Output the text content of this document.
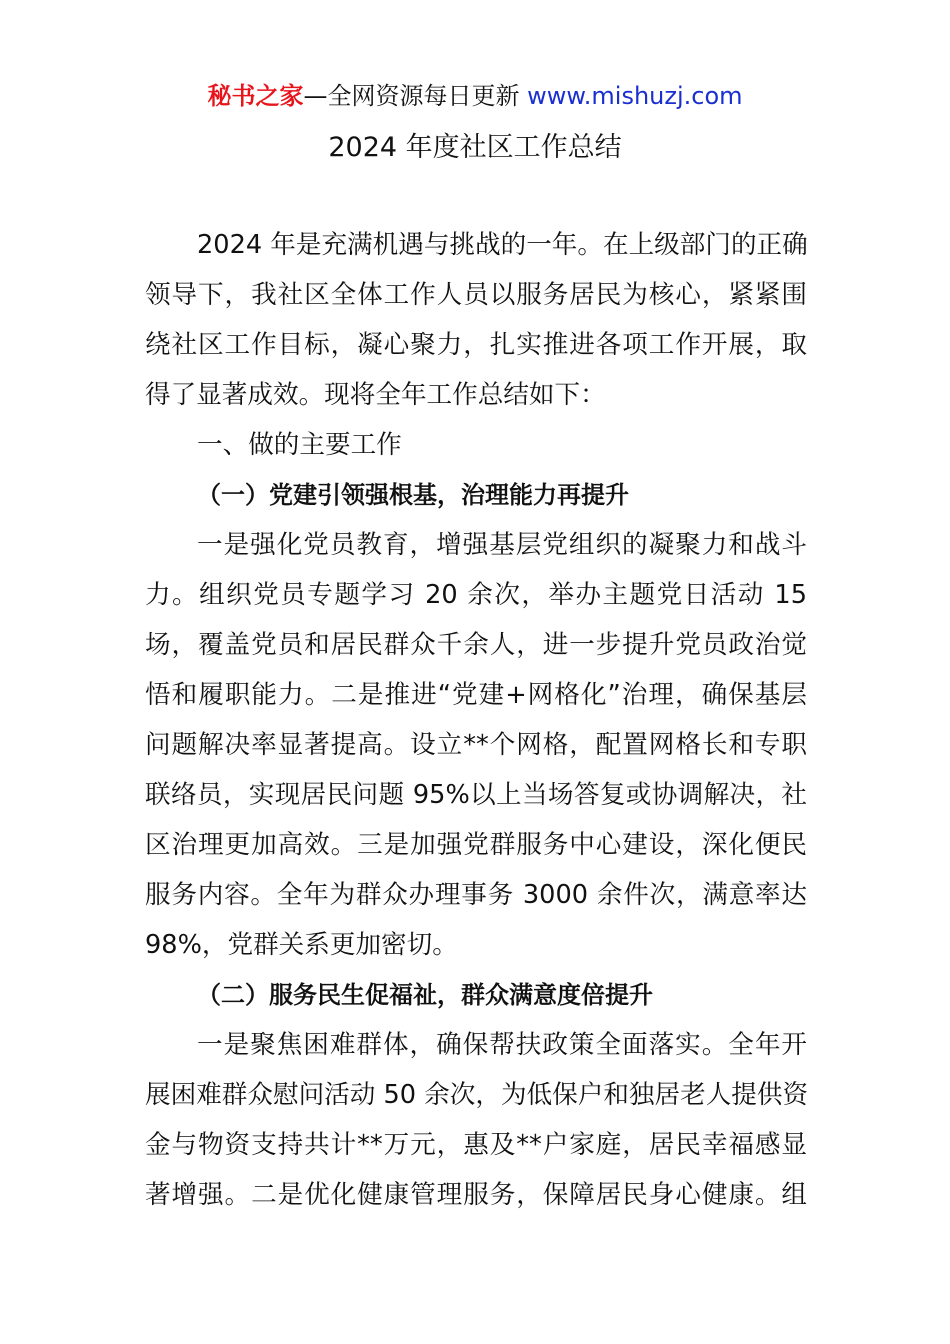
秘书之家—全网资源每日更新 www.mishuzj.com
2024 年度社区工作总结
2024 年是充满机遇与挑战的一年。在上级部门的正确
领导下，我社区全体工作人员以服务居民为核心，紧紧围
绕社区工作目标，凝心聚力，扎实推进各项工作开展，取
得了显著成效。现将全年工作总结如下：
一、做的主要工作
（一）党建引领强根基，治理能力再提升
一是强化党员教育，增强基层党组织的凝聚力和战斗
力。组织党员专题学习 20 余次，举办主题党日活动 15
场，覆盖党员和居民群众千余人，进一步提升党员政治觉
悟和履职能力。二是推进“党建+网格化”治理，确保基层
问题解决率显著提高。设立**个网格，配置网格长和专职
联络员，实现居民问题 95%以上当场答复或协调解决，社
区治理更加高效。三是加强党群服务中心建设，深化便民
服务内容。全年为群众办理事务 3000 余件次，满意率达
98%，党群关系更加密切。
（二）服务民生促福祉，群众满意度倍提升
一是聚焦困难群体，确保帮扶政策全面落实。全年开
展困难群众慰问活动 50 余次，为低保户和独居老人提供资
金与物资支持共计**万元，惠及**户家庭，居民幸福感显
著增强。二是优化健康管理服务，保障居民身心健康。组
